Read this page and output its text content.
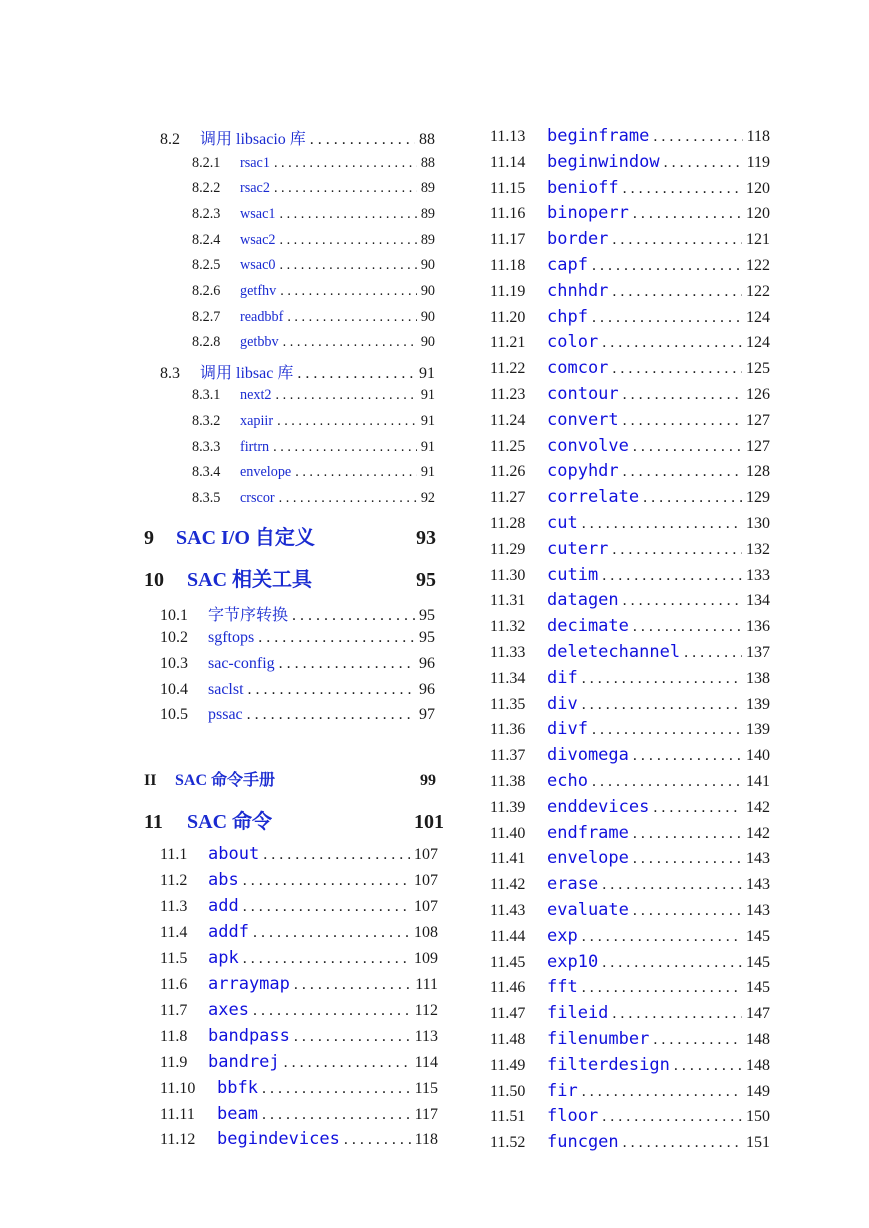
8.2	调用 libsacio 库 . . .	88
8.2.1	rsac1 . . .	88
8.2.2	rsac2 . . .	89
8.2.3	wsac1 . . .	89
8.2.4	wsac2 . . .	89
8.2.5	wsac0 . . .	90
8.2.6	getfhv . . .	90
8.2.7	readbbf . . .	90
8.2.8	getbbv . . .	90
8.3	调用 libsac 库 . . .	91
8.3.1	next2 . . .	91
8.3.2	xapiir . . .	91
8.3.3	firtrn . . .	91
8.3.4	envelope . . .	91
8.3.5	crscor . . .	92
9	SAC I/O 自定义	93
10	SAC 相关工具	95
10.1	字节序转换 . . .	95
10.2	sgftops . . .	95
10.3	sac-config . . .	96
10.4	saclst . . .	96
10.5	pssac . . .	97
II	SAC 命令手册	99
11	SAC 命令	101
11.1	about . . .	107
11.2	abs . . .	107
11.3	add . . .	107
11.4	addf . . .	108
11.5	apk . . .	109
11.6	arraymap . . .	111
11.7	axes . . .	112
11.8	bandpass . . .	113
11.9	bandrej . . .	114
11.10	bbfk . . .	115
11.11	beam . . .	117
11.12	begindevices . . .	118
11.13	beginframe . . .	118
11.14	beginwindow . . .	119
11.15	benioff . . .	120
11.16	binoperr . . .	120
11.17	border . . .	121
11.18	capf . . .	122
11.19	chnhdr . . .	122
11.20	chpf . . .	124
11.21	color . . .	124
11.22	comcor . . .	125
11.23	contour . . .	126
11.24	convert . . .	127
11.25	convolve . . .	127
11.26	copyhdr . . .	128
11.27	correlate . . .	129
11.28	cut . . .	130
11.29	cuterr . . .	132
11.30	cutim . . .	133
11.31	datagen . . .	134
11.32	decimate . . .	136
11.33	deletechannel . . .	137
11.34	dif . . .	138
11.35	div . . .	139
11.36	divf . . .	139
11.37	divomega . . .	140
11.38	echo . . .	141
11.39	enddevices . . .	142
11.40	endframe . . .	142
11.41	envelope . . .	143
11.42	erase . . .	143
11.43	evaluate . . .	143
11.44	exp . . .	145
11.45	exp10 . . .	145
11.46	fft . . .	145
11.47	fileid . . .	147
11.48	filenumber . . .	148
11.49	filterdesign . . .	148
11.50	fir . . .	149
11.51	floor . . .	150
11.52	funcgen . . .	151
